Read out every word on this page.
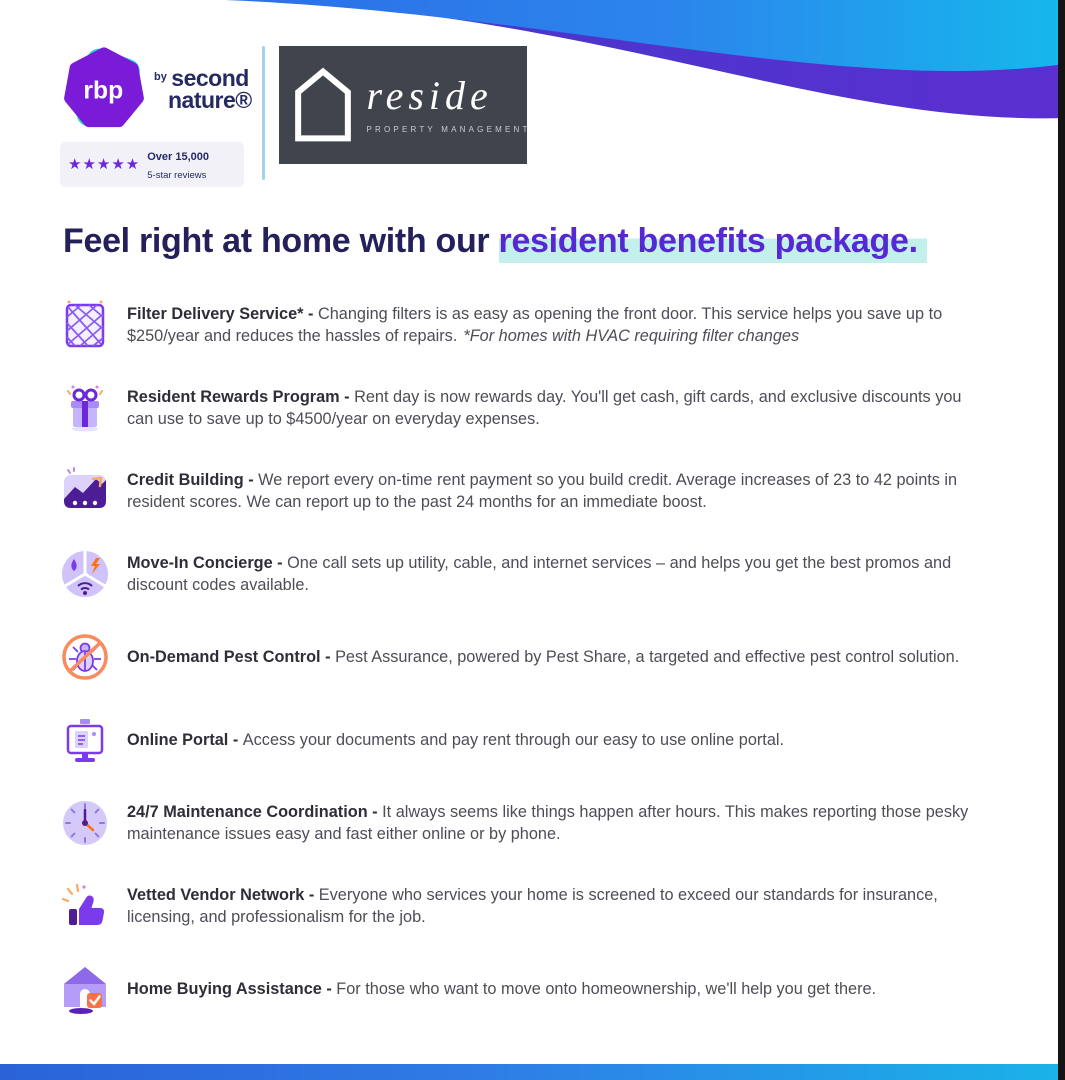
rbp
$^{by}$ second
nature®
★★★★★ Over 15,000
5-star reviews
reside
PROPERTY MANAGEMENT
Feel right at home with our resident benefits package.

Filter Delivery Service* - Changing filters is as easy as opening the front door. This service helps you save up to $250/year and reduces the hassles of repairs. *For homes with HVAC requiring filter changes

Resident Rewards Program - Rent day is now rewards day. You'll get cash, gift cards, and exclusive discounts you can use to save up to $4500/year on everyday expenses.

Credit Building - We report every on-time rent payment so you build credit. Average increases of 23 to 42 points in resident scores. We can report up to the past 24 months for an immediate boost.

Move-In Concierge - One call sets up utility, cable, and internet services – and helps you get the best promos and discount codes available.

On-Demand Pest Control - Pest Assurance, powered by Pest Share, a targeted and effective pest control solution.

Online Portal - Access your documents and pay rent through our easy to use online portal.

24/7 Maintenance Coordination - It always seems like things happen after hours. This makes reporting those pesky maintenance issues easy and fast either online or by phone.

Vetted Vendor Network - Everyone who services your home is screened to exceed our standards for insurance, licensing, and professionalism for the job.

Home Buying Assistance - For those who want to move onto homeownership, we'll help you get there.
